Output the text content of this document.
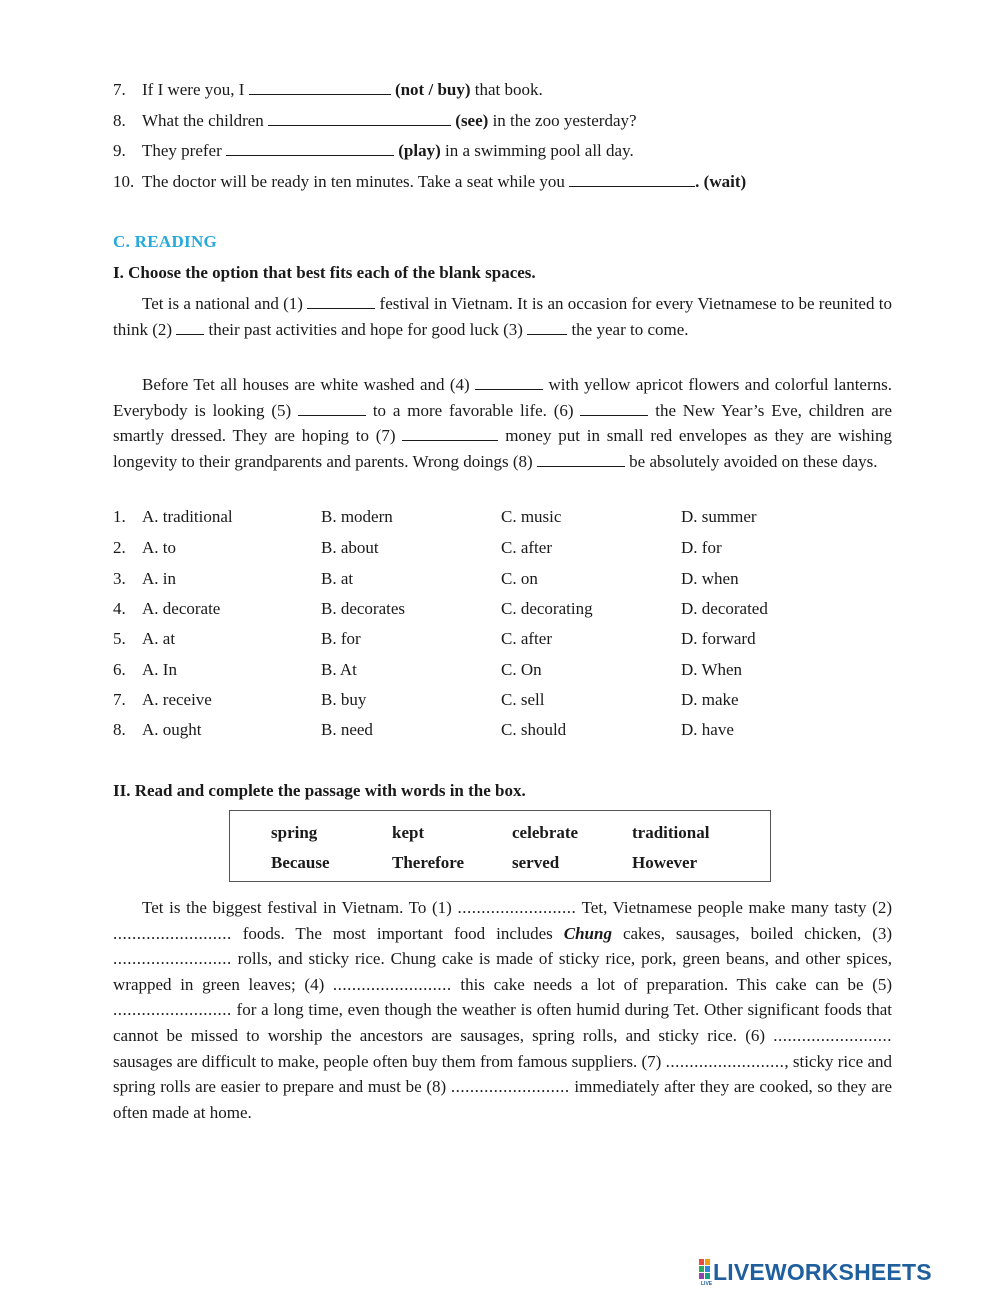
7. If I were you, I	(not / buy) that book.
8. What the children	(see) in the zoo yesterday?
9. They prefer	(play) in a swimming pool all day.
10. The doctor will be ready in ten minutes. Take a seat while you	. (wait)
C. READING
I. Choose the option that best fits each of the blank spaces.
Tet is a national and (1)	festival in Vietnam. It is an occasion for every Vietnamese to be reunited to think (2) their past activities and hope for good luck (3)	the year to come.
Before Tet all houses are white washed and (4)	with yellow apricot flowers and colorful lanterns. Everybody is looking (5)	to a more favorable life. (6)	the New Year’s Eve, children are smartly dressed. They are hoping to (7)	money put in small red envelopes as they are wishing longevity to their grandparents and parents. Wrong doings (8)	be absolutely avoided on these days.
1. A. traditional	B. modern	C. music	D. summer
2. A. to	B. about	C. after	D. for
3. A. in	B. at	C. on	D. when
4. A. decorate	B. decorates	C. decorating	D. decorated
5. A. at	B. for	C. after	D. forward
6. A. In	B. At	C. On	D. When
7. A. receive	B. buy	C. sell	D. make
8. A. ought	B. need	C. should	D. have
II. Read and complete the passage with words in the box.
spring	kept	celebrate	traditional
Because	Therefore	served	However
Tet is the biggest festival in Vietnam. To (1) ......................... Tet, Vietnamese people make many tasty (2) ......................... foods. The most important food includes Chung cakes, sausages, boiled chicken, (3) ......................... rolls, and sticky rice. Chung cake is made of sticky rice, pork, green beans, and other spices, wrapped in green leaves; (4) ......................... this cake needs a lot of preparation. This cake can be (5) ......................... for a long time, even though the weather is often humid during Tet. Other significant foods that cannot be missed to worship the ancestors are sausages, spring rolls, and sticky rice. (6) ......................... sausages are difficult to make, people often buy them from famous suppliers. (7) ........................., sticky rice and spring rolls are easier to prepare and must be (8) ......................... immediately after they are cooked, so they are often made at home.
LIVE LIVEWORKSHEETS
